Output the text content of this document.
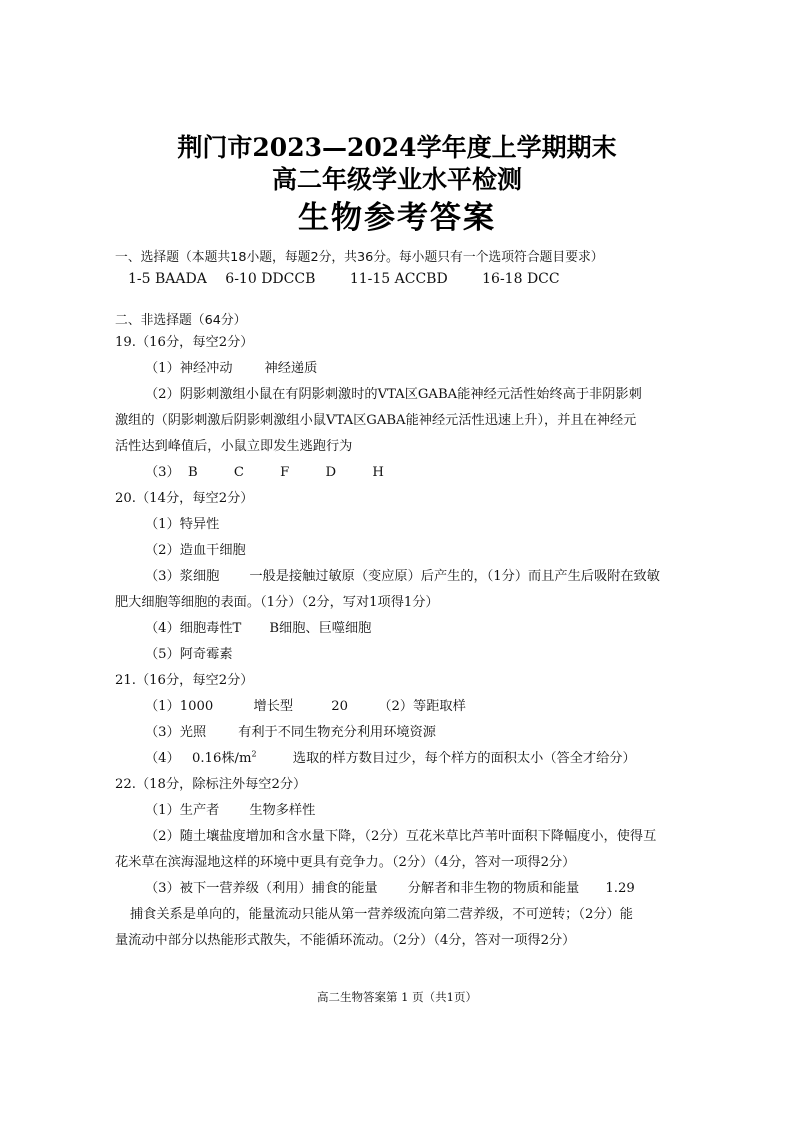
荆门市2023—2024学年度上学期期末
高二年级学业水平检测
生物参考答案
一、选择题（本题共18小题，每题2分，共36分。每小题只有一个选项符合题目要求）
1-5 BAADA 6-10 DDCCB 11-15 ACCBD 16-18 DCC
二、非选择题（64分）
19.（16分，每空2分）
（1）神经冲动 神经递质
（2）阴影刺激组小鼠在有阴影刺激时的VTA区GABA能神经元活性始终高于非阴影刺
激组的（阴影刺激后阴影刺激组小鼠VTA区GABA能神经元活性迅速上升），并且在神经元
活性达到峰值后，小鼠立即发生逃跑行为
（3） B	C	F	D	H
20.（14分，每空2分）
（1）特异性
（2）造血干细胞
（3）浆细胞 一般是接触过敏原（变应原）后产生的，（1分）而且产生后吸附在致敏
肥大细胞等细胞的表面。（1分）（2分，写对1项得1分）
（4）细胞毒性T B细胞、巨噬细胞
（5）阿奇霉素
21.（16分，每空2分）
（1）1000	增长型	20 （2）等距取样
（3）光照 有利于不同生物充分利用环境资源
（4） 0.16株$/m^2$	选取的样方数目过少，每个样方的面积太小（答全才给分）
22.（18分，除标注外每空2分）
（1）生产者 生物多样性
（2）随土壤盐度增加和含水量下降，（2分）互花米草比芦苇叶面积下降幅度小，使得互
花米草在滨海湿地这样的环境中更具有竞争力。（2分）（4分，答对一项得2分）
（3）被下一营养级（利用）捕食的能量 分解者和非生物的物质和能量 1.29
捕食关系是单向的，能量流动只能从第一营养级流向第二营养级，不可逆转；（2分）能
量流动中部分以热能形式散失，不能循环流动。（2分）（4分，答对一项得2分）
高二生物答案第 1 页（共1页）
